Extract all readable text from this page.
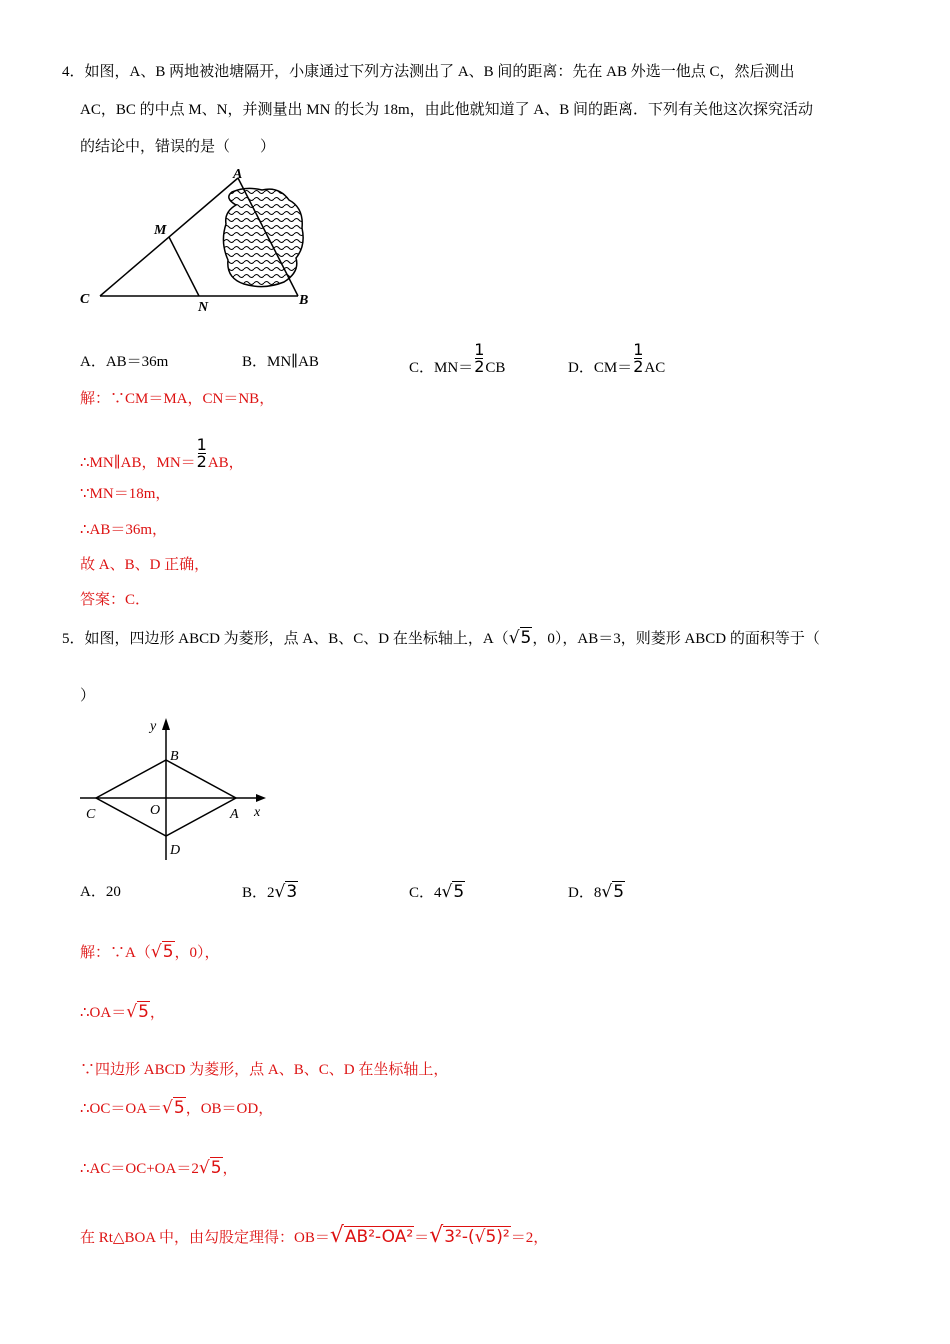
4．如图，A、B 两地被池塘隔开，小康通过下列方法测出了 A、B 间的距离：先在 AB 外选一他点 C，然后测出
AC，BC 的中点 M、N，并测量出 MN 的长为 18m，由此他就知道了 A、B 间的距离．下列有关他这次探究活动
的结论中，错误的是（　　）
A
M
C
N	B
A．AB＝36m	B．MN∥AB	C．$MN= \frac{1}{2}$ CB	D．$CM= \frac{1}{2}$ AC
解：∵CM＝MA，CN＝NB，
∴MN∥AB，$MN= \frac{1}{2}$ AB，
∵MN＝18m，
∴AB＝36m，
故 A、B、D 正确，
答案：C．
5．如图，四边形 ABCD 为菱形，点 A、B、C、D 在坐标轴上，A（√5，0），AB＝3，则菱形 ABCD 的面积等于（
）
y
x
B
C	O	A
D
A．20	B．2√3	C．4√5	D．8√5
解：∵A（√5，0），
∴OA＝√5，
∵四边形 ABCD 为菱形，点 A、B、C、D 在坐标轴上，
∴OC＝OA＝√5，OB＝OD，
∴AC＝OC+OA＝2√5，
在 Rt△BOA 中，由勾股定理得：OB＝√AB²-OA²＝√3²-(√5)²＝2，
